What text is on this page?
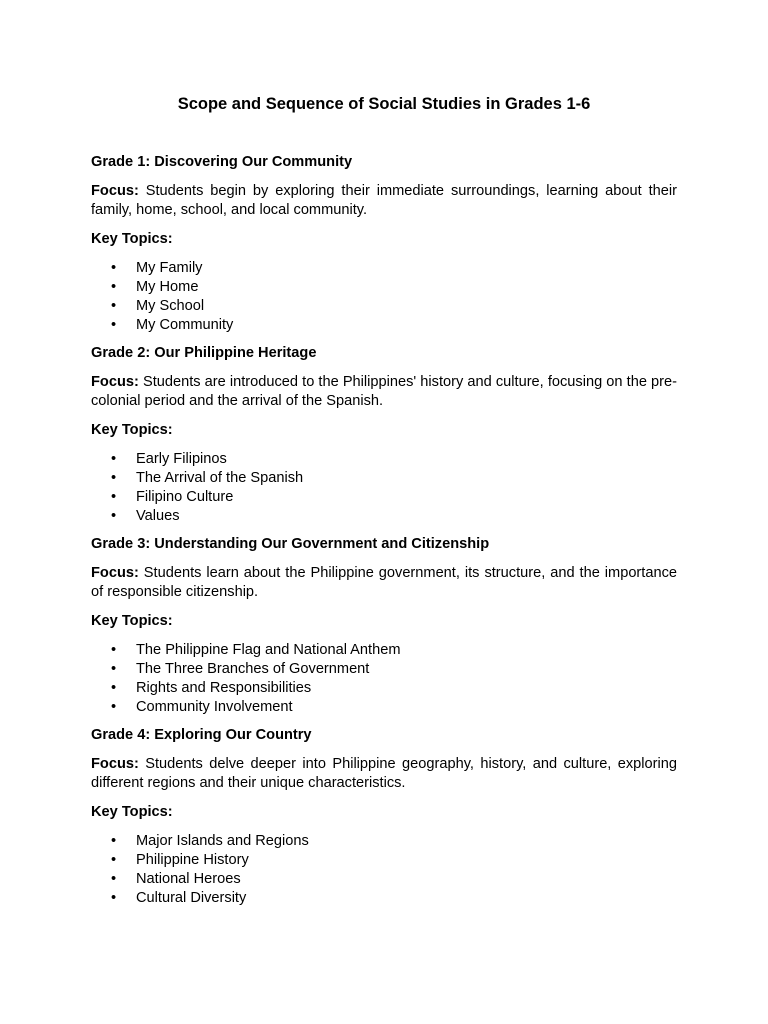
Scope and Sequence of Social Studies in Grades 1-6

Grade 1: Discovering Our Community

Focus: Students begin by exploring their immediate surroundings, learning about their family, home, school, and local community.

Key Topics:

• My Family
• My Home
• My School
• My Community

Grade 2: Our Philippine Heritage

Focus: Students are introduced to the Philippines' history and culture, focusing on the pre-colonial period and the arrival of the Spanish.

Key Topics:

• Early Filipinos
• The Arrival of the Spanish
• Filipino Culture
• Values

Grade 3: Understanding Our Government and Citizenship

Focus: Students learn about the Philippine government, its structure, and the importance of responsible citizenship.

Key Topics:

• The Philippine Flag and National Anthem
• The Three Branches of Government
• Rights and Responsibilities
• Community Involvement

Grade 4: Exploring Our Country

Focus: Students delve deeper into Philippine geography, history, and culture, exploring different regions and their unique characteristics.

Key Topics:

• Major Islands and Regions
• Philippine History
• National Heroes
• Cultural Diversity
